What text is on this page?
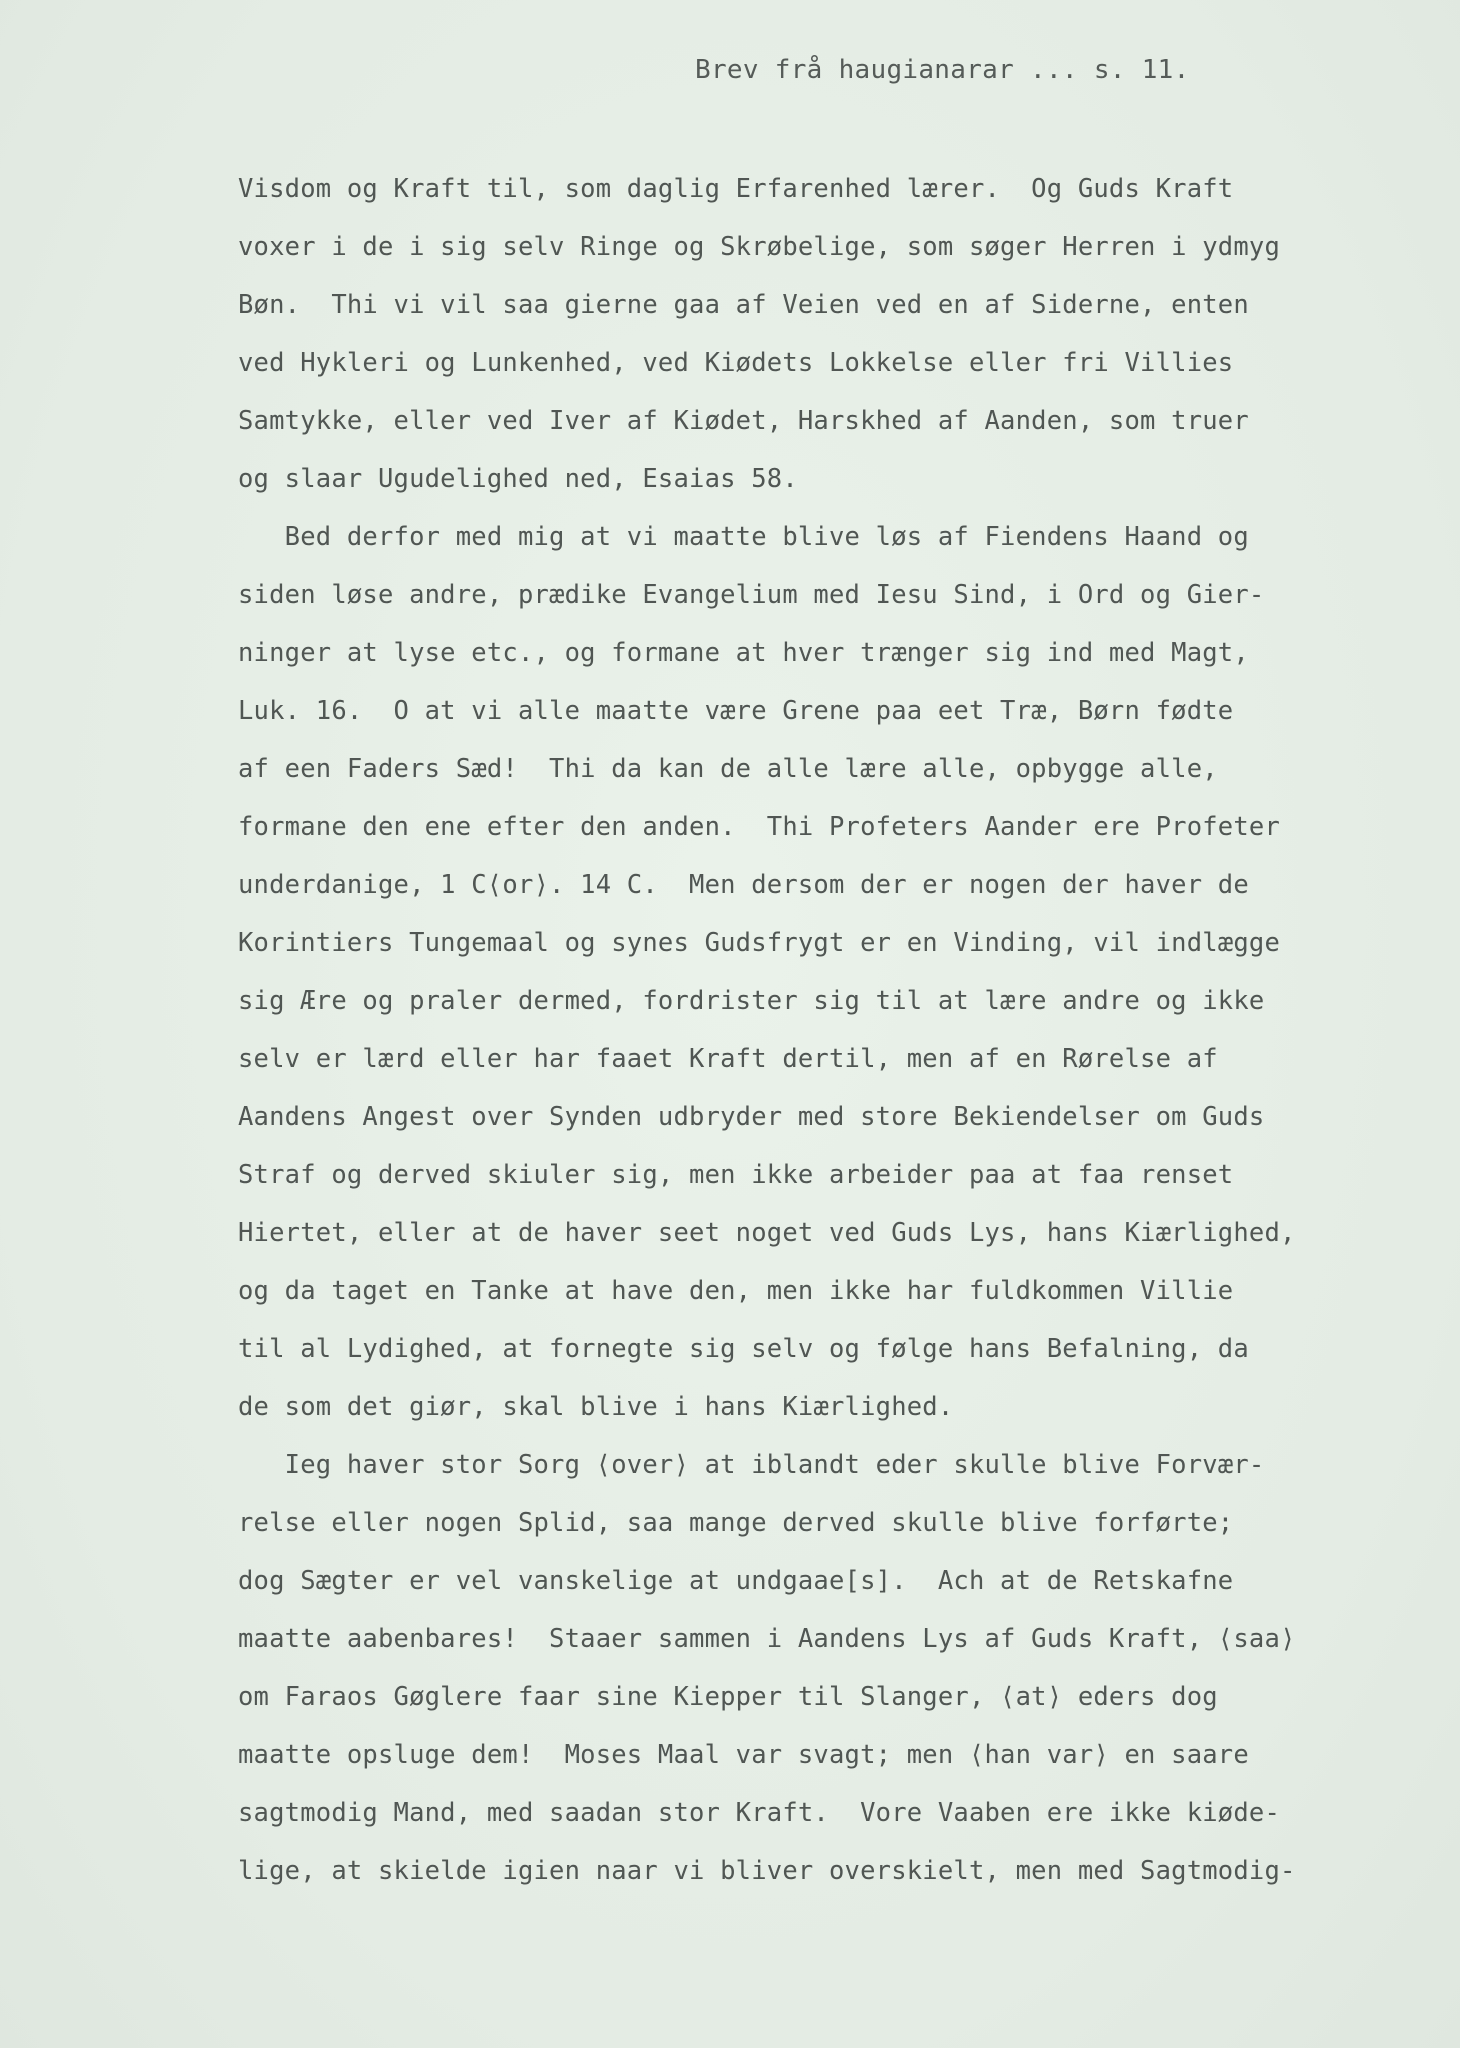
Brev frå haugianarar ... s. 11.
Visdom og Kraft til, som daglig Erfarenhed lærer.  Og Guds Kraft
voxer i de i sig selv Ringe og Skrøbelige, som søger Herren i ydmyg
Bøn.  Thi vi vil saa gierne gaa af Veien ved en af Siderne, enten
ved Hykleri og Lunkenhed, ved Kiødets Lokkelse eller fri Villies
Samtykke, eller ved Iver af Kiødet, Harskhed af Aanden, som truer
og slaar Ugudelighed ned, Esaias 58.
Bed derfor med mig at vi maatte blive løs af Fiendens Haand og
siden løse andre, prædike Evangelium med Iesu Sind, i Ord og Gier-
ninger at lyse etc., og formane at hver trænger sig ind med Magt,
Luk. 16.  O at vi alle maatte være Grene paa eet Træ, Børn fødte
af een Faders Sæd!  Thi da kan de alle lære alle, opbygge alle,
formane den ene efter den anden.  Thi Profeters Aander ere Profeter
underdanige, 1 C⟨or⟩. 14 C.  Men dersom der er nogen der haver de
Korintiers Tungemaal og synes Gudsfrygt er en Vinding, vil indlægge
sig Ære og praler dermed, fordrister sig til at lære andre og ikke
selv er lærd eller har faaet Kraft dertil, men af en Rørelse af
Aandens Angest over Synden udbryder med store Bekiendelser om Guds
Straf og derved skiuler sig, men ikke arbeider paa at faa renset
Hiertet, eller at de haver seet noget ved Guds Lys, hans Kiærlighed,
og da taget en Tanke at have den, men ikke har fuldkommen Villie
til al Lydighed, at fornegte sig selv og følge hans Befalning, da
de som det giør, skal blive i hans Kiærlighed.
Ieg haver stor Sorg ⟨over⟩ at iblandt eder skulle blive Forvær-
relse eller nogen Splid, saa mange derved skulle blive forførte;
dog Sægter er vel vanskelige at undgaae[s].  Ach at de Retskafne
maatte aabenbares!  Staaer sammen i Aandens Lys af Guds Kraft, ⟨saa⟩
om Faraos Gøglere faar sine Kiepper til Slanger, ⟨at⟩ eders dog
maatte opsluge dem!  Moses Maal var svagt; men ⟨han var⟩ en saare
sagtmodig Mand, med saadan stor Kraft.  Vore Vaaben ere ikke kiøde-
lige, at skielde igien naar vi bliver overskielt, men med Sagtmodig-
